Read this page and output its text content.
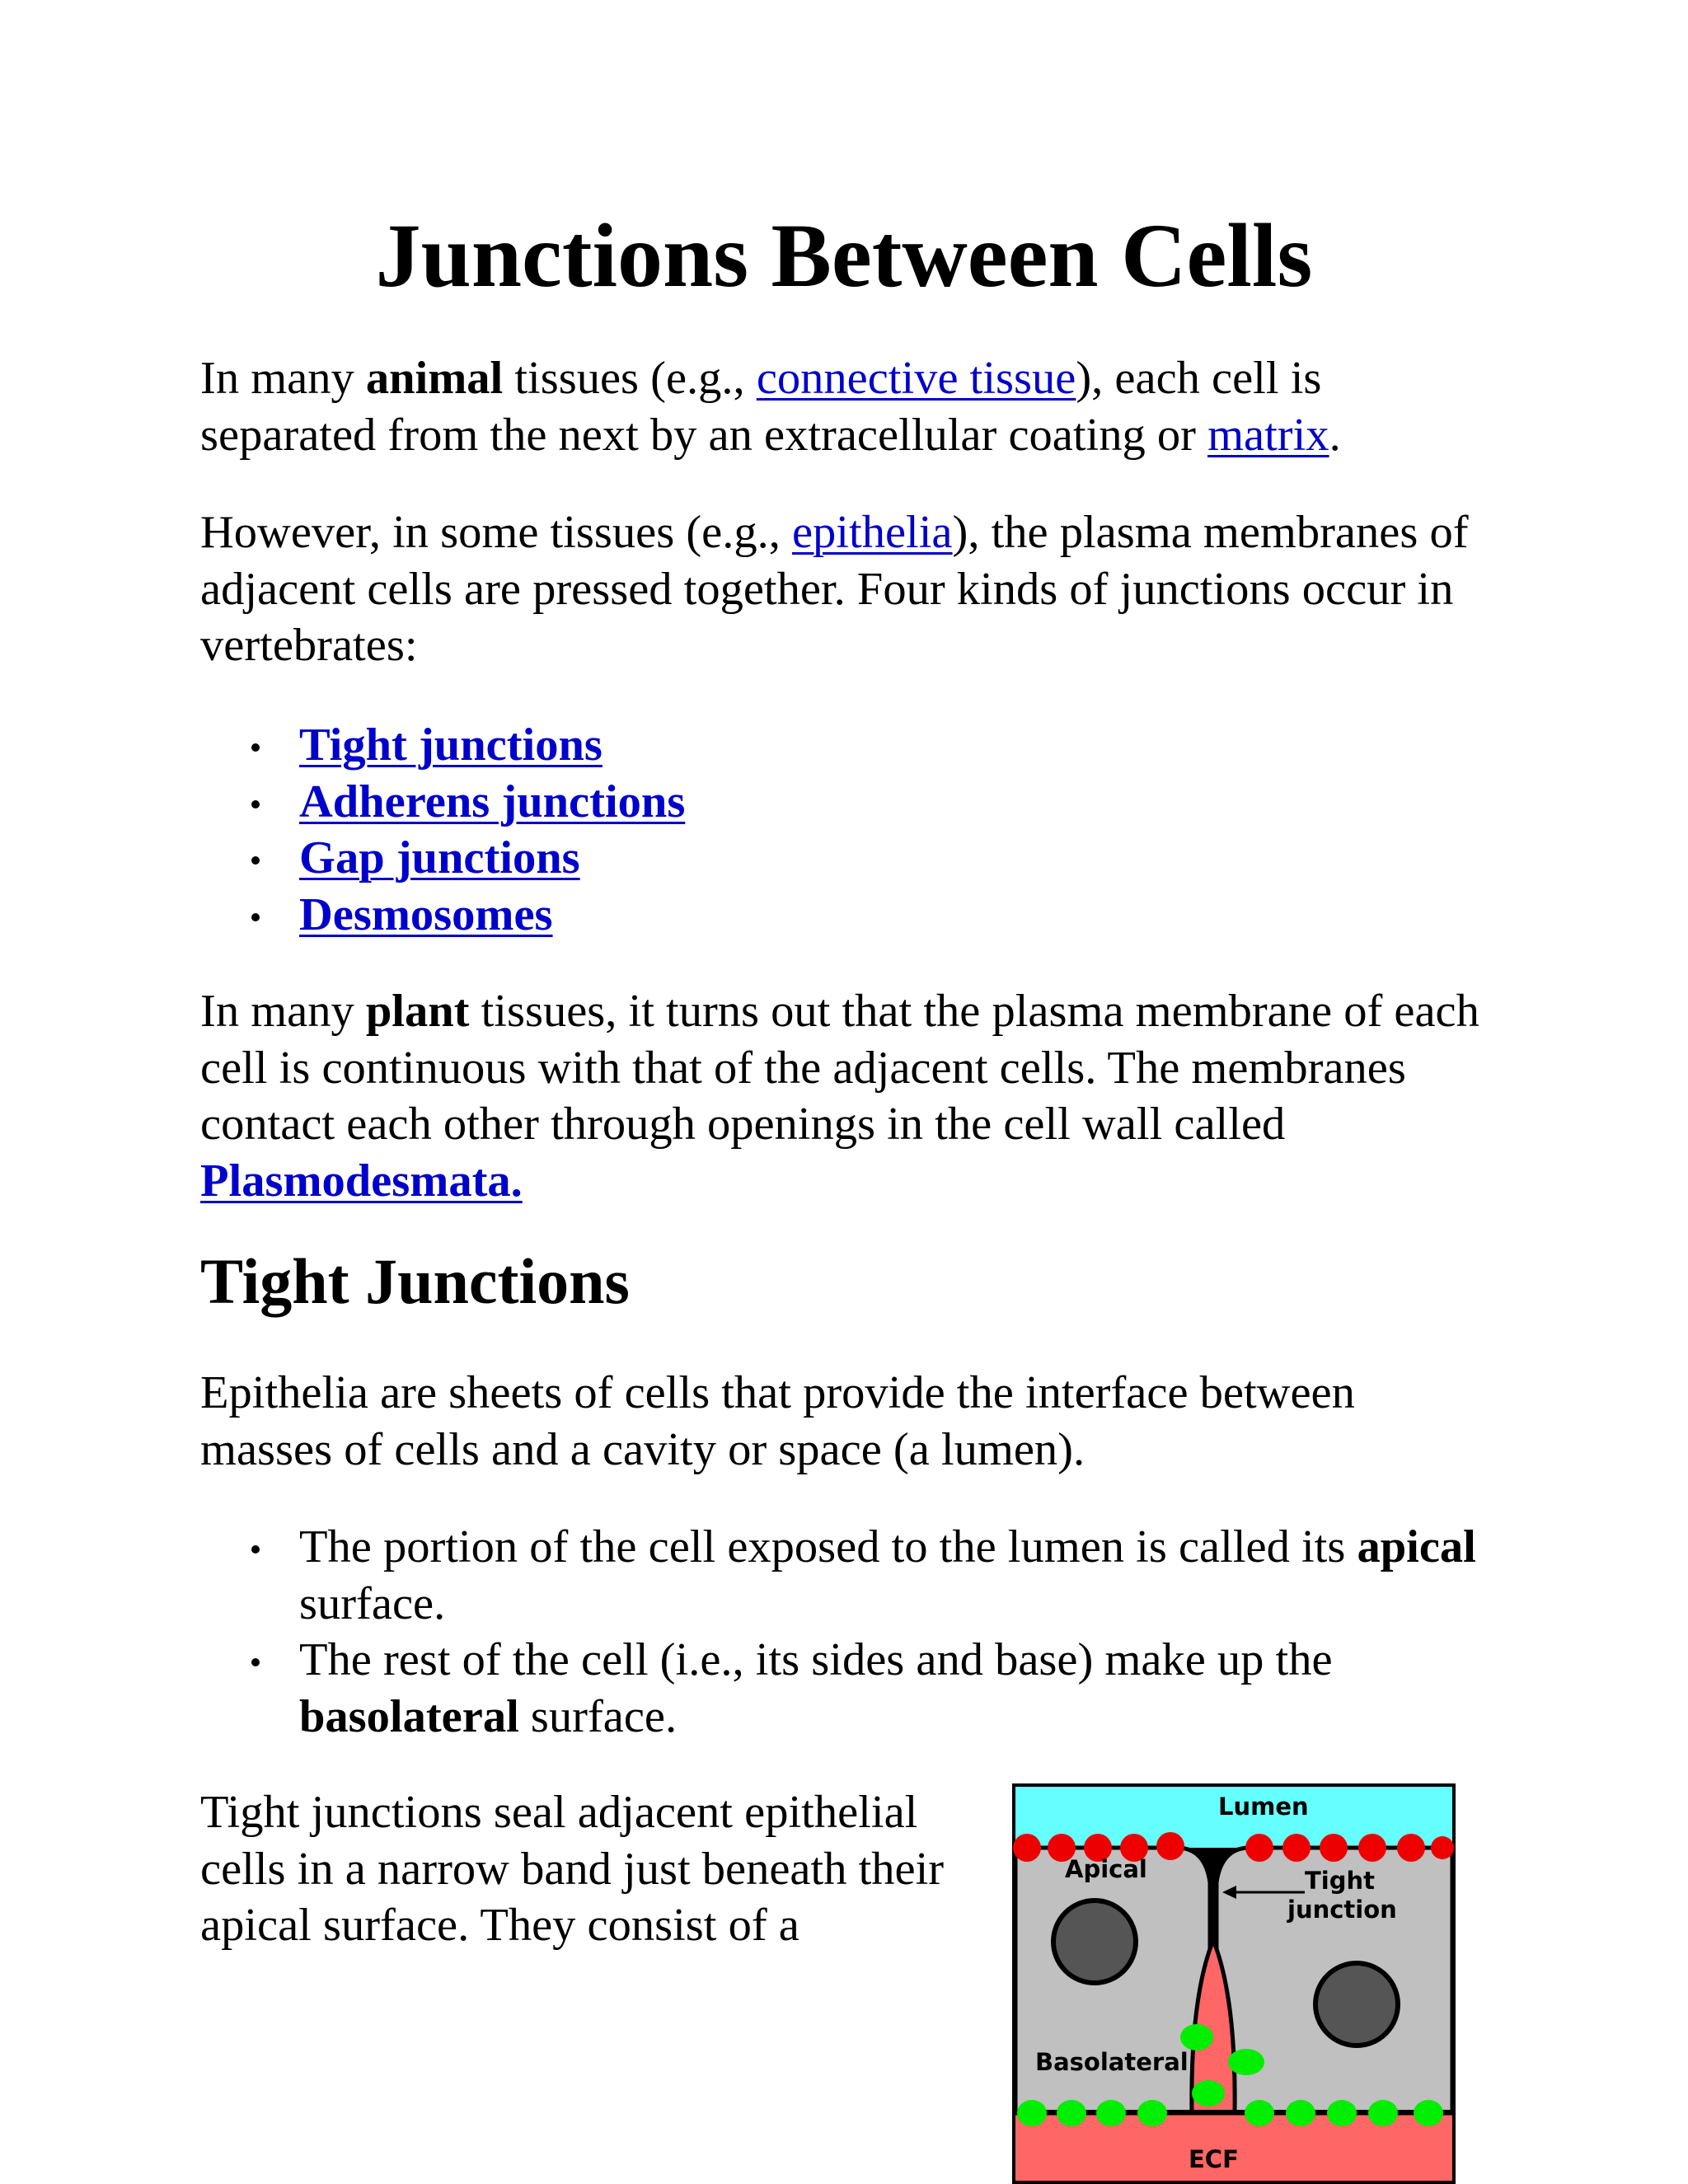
Junctions Between Cells

In many animal tissues (e.g., connective tissue), each cell is separated from the next by an extracellular coating or matrix.

However, in some tissues (e.g., epithelia), the plasma membranes of adjacent cells are pressed together. Four kinds of junctions occur in vertebrates:

Tight junctions
Adherens junctions
Gap junctions
Desmosomes

In many plant tissues, it turns out that the plasma membrane of each cell is continuous with that of the adjacent cells. The membranes contact each other through openings in the cell wall called Plasmodesmata.

Tight Junctions

Epithelia are sheets of cells that provide the interface between masses of cells and a cavity or space (a lumen).

The portion of the cell exposed to the lumen is called its apical surface.
The rest of the cell (i.e., its sides and base) make up the basolateral surface.

Tight junctions seal adjacent epithelial cells in a narrow band just beneath their apical surface. They consist of a

Lumen
Apical	Tight
junction
Basolateral
ECF
